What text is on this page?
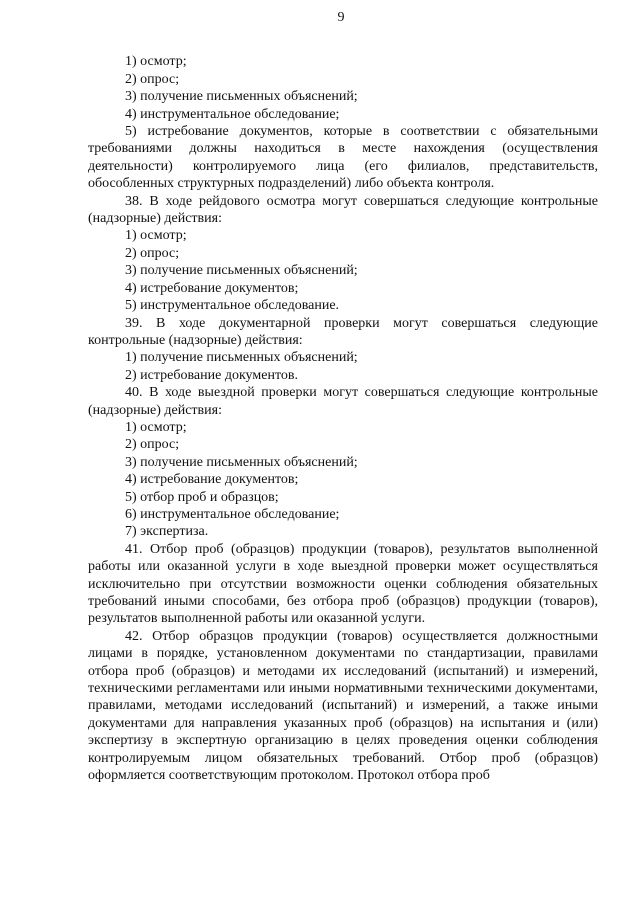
9

1) осмотр;

2) опрос;

3) получение письменных объяснений;

4) инструментальное обследование;

5) истребование документов, которые в соответствии с обязательными требованиями должны находиться в месте нахождения (осуществления деятельности) контролируемого лица (его филиалов, представительств, обособленных структурных подразделений) либо объекта контроля.

38. В ходе рейдового осмотра могут совершаться следующие контрольные (надзорные) действия:

1) осмотр;

2) опрос;

3) получение письменных объяснений;

4) истребование документов;

5) инструментальное обследование.

39. В ходе документарной проверки могут совершаться следующие контрольные (надзорные) действия:

1) получение письменных объяснений;

2) истребование документов.

40. В ходе выездной проверки могут совершаться следующие контрольные (надзорные) действия:

1) осмотр;

2) опрос;

3) получение письменных объяснений;

4) истребование документов;

5) отбор проб и образцов;

6) инструментальное обследование;

7) экспертиза.

41. Отбор проб (образцов) продукции (товаров), результатов выполненной работы или оказанной услуги в ходе выездной проверки может осуществляться исключительно при отсутствии возможности оценки соблюдения обязательных требований иными способами, без отбора проб (образцов) продукции (товаров), результатов выполненной работы или оказанной услуги.

42. Отбор образцов продукции (товаров) осуществляется должностными лицами в порядке, установленном документами по стандартизации, правилами отбора проб (образцов) и методами их исследований (испытаний) и измерений, техническими регламентами или иными нормативными техническими документами, правилами, методами исследований (испытаний) и измерений, а также иными документами для направления указанных проб (образцов) на испытания и (или) экспертизу в экспертную организацию в целях проведения оценки соблюдения контролируемым лицом обязательных требований. Отбор проб (образцов) оформляется соответствующим протоколом. Протокол отбора проб
